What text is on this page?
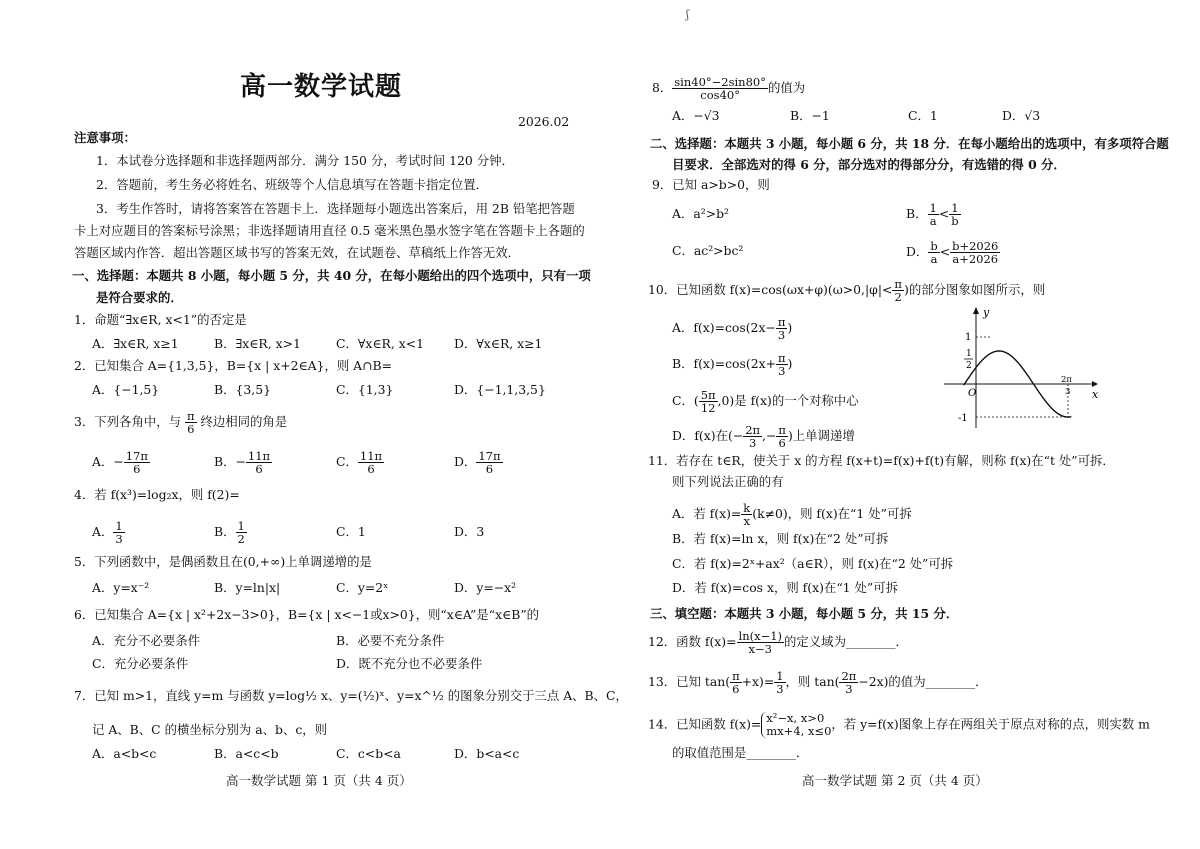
高一数学试题
2026.02
注意事项：
1．本试卷分选择题和非选择题两部分．满分 150 分，考试时间 120 分钟．
2．答题前，考生务必将姓名、班级等个人信息填写在答题卡指定位置．
3．考生作答时，请将答案答在答题卡上．选择题每小题选出答案后，用 2B 铅笔把答题
卡上对应题目的答案标号涂黑；非选择题请用直径 0.5 毫米黑色墨水签字笔在答题卡上各题的
答题区域内作答．超出答题区域书写的答案无效，在试题卷、草稿纸上作答无效．
一、选择题：本题共 8 小题，每小题 5 分，共 40 分，在每小题给出的四个选项中，只有一项
是符合要求的．
1．命题“∃x∈R, x<1”的否定是
A．∃x∈R, x≥1	B．∃x∈R, x>1	C．∀x∈R, x<1 D．∀x∈R, x≥1
2．已知集合 A={1,3,5}，B={x | x+2∈A}，则 A∩B=
A．{−1,5}	B．{3,5}	C．{1,3}	D．{−1,1,3,5}
3．下列各角中，与 $\frac{\pi}{6}$ 终边相同的角是
A．− $\frac{17\pi}{6}$	B．− $\frac{11\pi}{6}$	C． $\frac{11\pi}{6}$	D． $\frac{17\pi}{6}$
4．若 f(x³)=log₂x，则 f(2)=
A． $\frac{1}{3}$	B． $\frac{1}{2}$	C．1	D．3
5．下列函数中，是偶函数且在(0,+∞)上单调递增的是
A．y=x⁻²	B．y=ln|x|	C．y=2ˣ	D．y=−x²
6．已知集合 A={x | x²+2x−3>0}，B={x | x<−1或x>0}，则“x∈A”是“x∈B”的
A．充分不必要条件	B．必要不充分条件
C．充分必要条件	D．既不充分也不必要条件
7．已知 m>1，直线 y=m 与函数 y=log½ x、y=(½)ˣ、y=x^½ 的图象分别交于三点 A、B、C，
记 A、B、C 的横坐标分别为 a、b、c，则
A．a<b<c	B．a<c<b	C．c<b<a	D．b<a<c
高一数学试题 第 1 页（共 4 页）
ʃ
8． $\frac{\sin 40^\circ-2\sin 80^\circ}{\cos 40^\circ}$ 的值为
A．−√3	B．−1	C．1	D．√3
二、选择题：本题共 3 小题，每小题 6 分，共 18 分．在每小题给出的选项中，有多项符合题
目要求．全部选对的得 6 分，部分选对的得部分分，有选错的得 0 分．
9．已知 a>b>0，则
A．a²>b²	B． $\frac{1}{a} < \frac{1}{b}$
C．ac²>bc²	D． $\frac{b}{a} < \frac{b+2026}{a+2026}$
10．已知函数 $f(x)=\cos(\omega x+\varphi)(\omega>0,|\varphi|< \frac{\pi}{2}$ )的部分图象如图所示，则
A．$f(x)=\cos(2x- \frac{\pi}{3}$ )
B．$f(x)=\cos(2x+ \frac{\pi}{3}$ )
C．( $\frac{5\pi}{12} ,0$)是 f(x)的一个对称中心
D．f(x)在(− $\frac{2\pi}{3}$ ,− $\frac{\pi}{6}$ )上单调递增
11．若存在 t∈R，使关于 x 的方程 f(x+t)=f(x)+f(t)有解，则称 f(x)在“t 处”可拆．
则下列说法正确的有
A．若 $f(x)= \frac{k}{x} (k\ne 0)$，则 f(x)在“1 处”可拆
B．若 f(x)=ln x，则 f(x)在“2 处”可拆
C．若 f(x)=2ˣ+ax²（a∈R），则 f(x)在“2 处”可拆
D．若 f(x)=cos x，则 f(x)在“1 处”可拆
三、填空题：本题共 3 小题，每小题 5 分，共 15 分．
12．函数 $f(x)= \frac{\ln(x-1)}{x-3}$ 的定义域为________．
13．已知 $\tan( \frac{\pi}{6} +x)= \frac{1}{3}$ ，则 $\tan( \frac{2\pi}{3} -2x)$的值为________．
14．已知函数 f(x)= x²−x, x>0
mx+4, x≤0 ，若 y=f(x)图象上存在两组关于原点对称的点，则实数 m
的取值范围是________．
高一数学试题 第 2 页（共 4 页）
y
x
O
1
1
2
-1
2π
3
